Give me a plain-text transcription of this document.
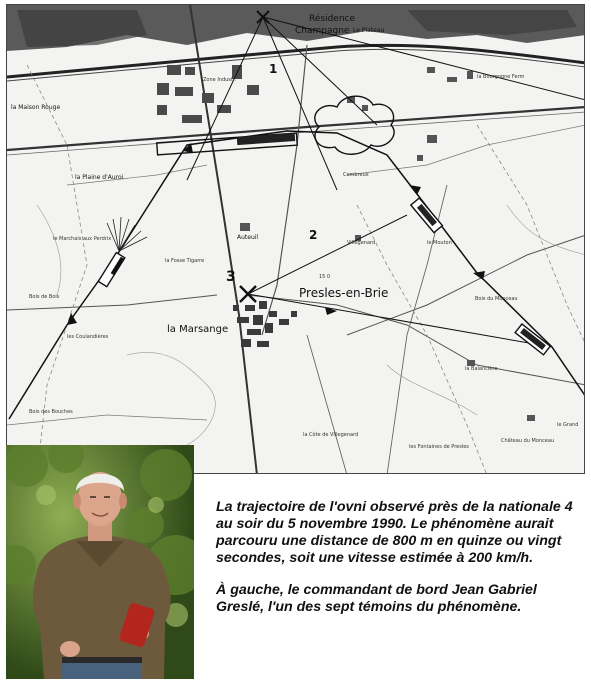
Résidence
Champagne Le Plateau
Zone Industr.
la Maison Rouge
la Bourgogne Ferm
la Plaine d'Auroi	Combreux
Auteuil
Villegenard
la Fosse Tigarre
le Marchais aux Perdrix
Bois de Bois
les Coulandières
15 0
Presles-en-Brie
la Marsange
Bois du Monceau
la Balancière
Bois des Bouches
la Côte de Villegenard
les Fontaines de Presles
Château du Monceau
le Mouton
le Grand
1
2
3

La trajectoire de l'ovni observé près de la nationale 4 au soir du 5 novembre 1990. Le phénomène aurait parcouru une distance de 800 m en quinze ou vingt secondes, soit une vitesse estimée à 200 km/h.

À gauche, le commandant de bord Jean Gabriel Greslé, l'un des sept témoins du phénomène.
